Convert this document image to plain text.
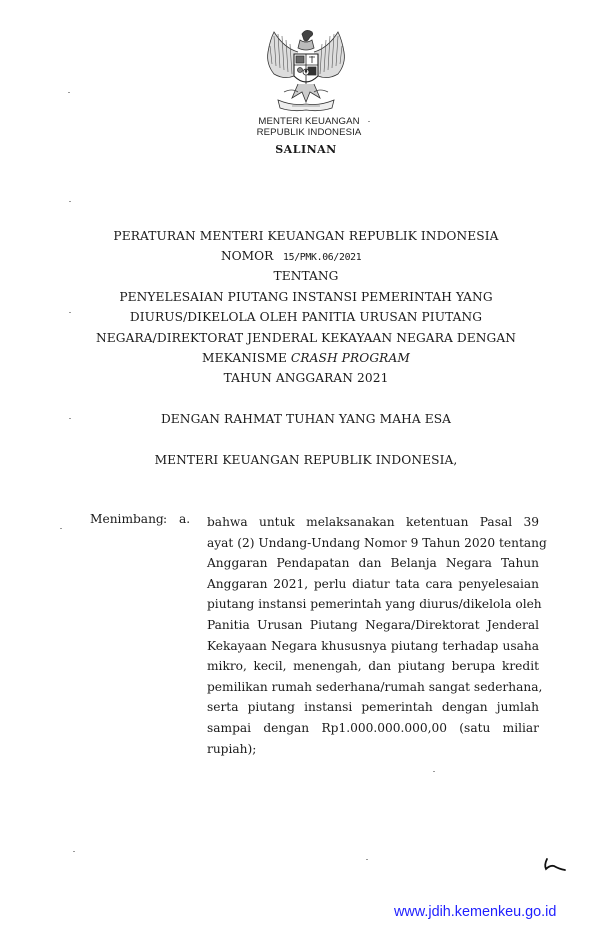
MENTERI KEUANGAN
REPUBLIK INDONESIA
SALINAN
PERATURAN MENTERI KEUANGAN REPUBLIK INDONESIA
NOMOR 15/PMK.06/2021
TENTANG
PENYELESAIAN PIUTANG INSTANSI PEMERINTAH YANG
DIURUS/DIKELOLA OLEH PANITIA URUSAN PIUTANG
NEGARA/DIREKTORAT JENDERAL KEKAYAAN NEGARA DENGAN
MEKANISME CRASH PROGRAM
TAHUN ANGGARAN 2021
DENGAN RAHMAT TUHAN YANG MAHA ESA
MENTERI KEUANGAN REPUBLIK INDONESIA,
Menimbang : a. bahwa untuk melaksanakan ketentuan Pasal 39
ayat (2) Undang-Undang Nomor 9 Tahun 2020 tentang
Anggaran Pendapatan dan Belanja Negara Tahun
Anggaran 2021, perlu diatur tata cara penyelesaian
piutang instansi pemerintah yang diurus/dikelola oleh
Panitia Urusan Piutang Negara/Direktorat Jenderal
Kekayaan Negara khususnya piutang terhadap usaha
mikro, kecil, menengah, dan piutang berupa kredit
pemilikan rumah sederhana/rumah sangat sederhana,
serta piutang instansi pemerintah dengan jumlah
sampai dengan Rp1.000.000.000,00 (satu miliar
rupiah);
www.jdih.kemenkeu.go.id
